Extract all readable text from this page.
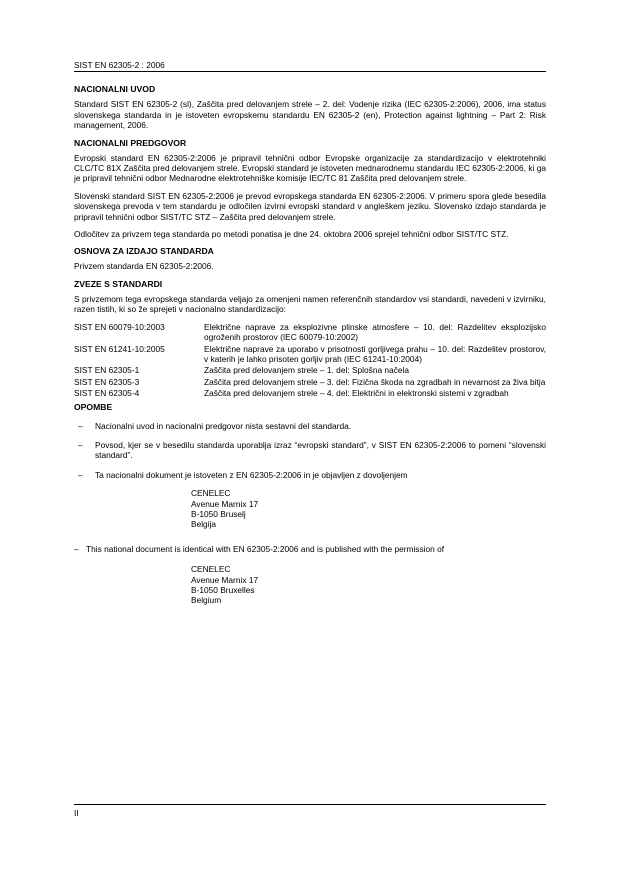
SIST EN 62305-2 : 2006
NACIONALNI UVOD

Standard SIST EN 62305-2 (sl), Zaščita pred delovanjem strele – 2. del: Vodenje rizika (IEC 62305-2:2006), 2006, ima status slovenskega standarda in je istoveten evropskemu standardu EN 62305-2 (en), Protection against lightning – Part 2: Risk management, 2006.

NACIONALNI PREDGOVOR

Evropski standard EN 62305-2:2006 je pripravil tehnični odbor Evropske organizacije za standardizacijo v elektrotehniki CLC/TC 81X Zaščita pred delovanjem strele. Evropski standard je istoveten mednarodnemu standardu IEC 62305-2:2006, ki ga je pripravil tehnični odbor Mednarodne elektrotehniške komisije IEC/TC 81 Zaščita pred delovanjem strele.

Slovenski standard SIST EN 62305-2:2006 je prevod evropskega standarda EN 62305-2:2006. V primeru spora glede besedila slovenskega prevoda v tem standardu je odločilen izvirni evropski standard v angleškem jeziku. Slovensko izdajo standarda je pripravil tehnični odbor SIST/TC STZ – Zaščita pred delovanjem strele.

Odločitev za privzem tega standarda po metodi ponatisa je dne 24. oktobra 2006 sprejel tehnični odbor SIST/TC STZ.

OSNOVA ZA IZDAJO STANDARDA

Privzem standarda EN 62305-2:2006.

ZVEZE S STANDARDI

S privzemom tega evropskega standarda veljajo za omenjeni namen referenčnih standardov vsi standardi, navedeni v izvirniku, razen tistih, ki so že sprejeti v nacionalno standardizacijo:

SIST EN 60079-10:2003	Električne naprave za eksplozivne plinske atmosfere – 10. del: Razdelitev eksplozijsko ogroženih prostorov (IEC 60079-10:2002)
SIST EN 61241-10:2005	Električne naprave za uporabo v prisotnosti gorljivega prahu – 10. del: Razdelitev prostorov, v katerih je lahko prisoten gorljiv prah (IEC 61241-10:2004)
SIST EN 62305-1	Zaščita pred delovanjem strele – 1. del: Splošna načela
SIST EN 62305-3	Zaščita pred delovanjem strele – 3. del: Fizična škoda na zgradbah in nevarnost za živa bitja
SIST EN 62305-4	Zaščita pred delovanjem strele – 4. del: Električni in elektronski sistemi v zgradbah
OPOMBE
– Nacionalni uvod in nacionalni predgovor nista sestavni del standarda.
– Povsod, kjer se v besedilu standarda uporablja izraz “evropski standard”, v SIST EN 62305-2:2006 to pomeni “slovenski standard”.
– Ta nacionalni dokument je istoveten z EN 62305-2:2006 in je objavljen z dovoljenjem
CENELEC
Avenue Marnix 17
B-1050 Bruselj
Belgija
– This national document is identical with EN 62305-2:2006 and is published with the permission of
CENELEC
Avenue Marnix 17
B-1050 Bruxelles
Belgium
II
